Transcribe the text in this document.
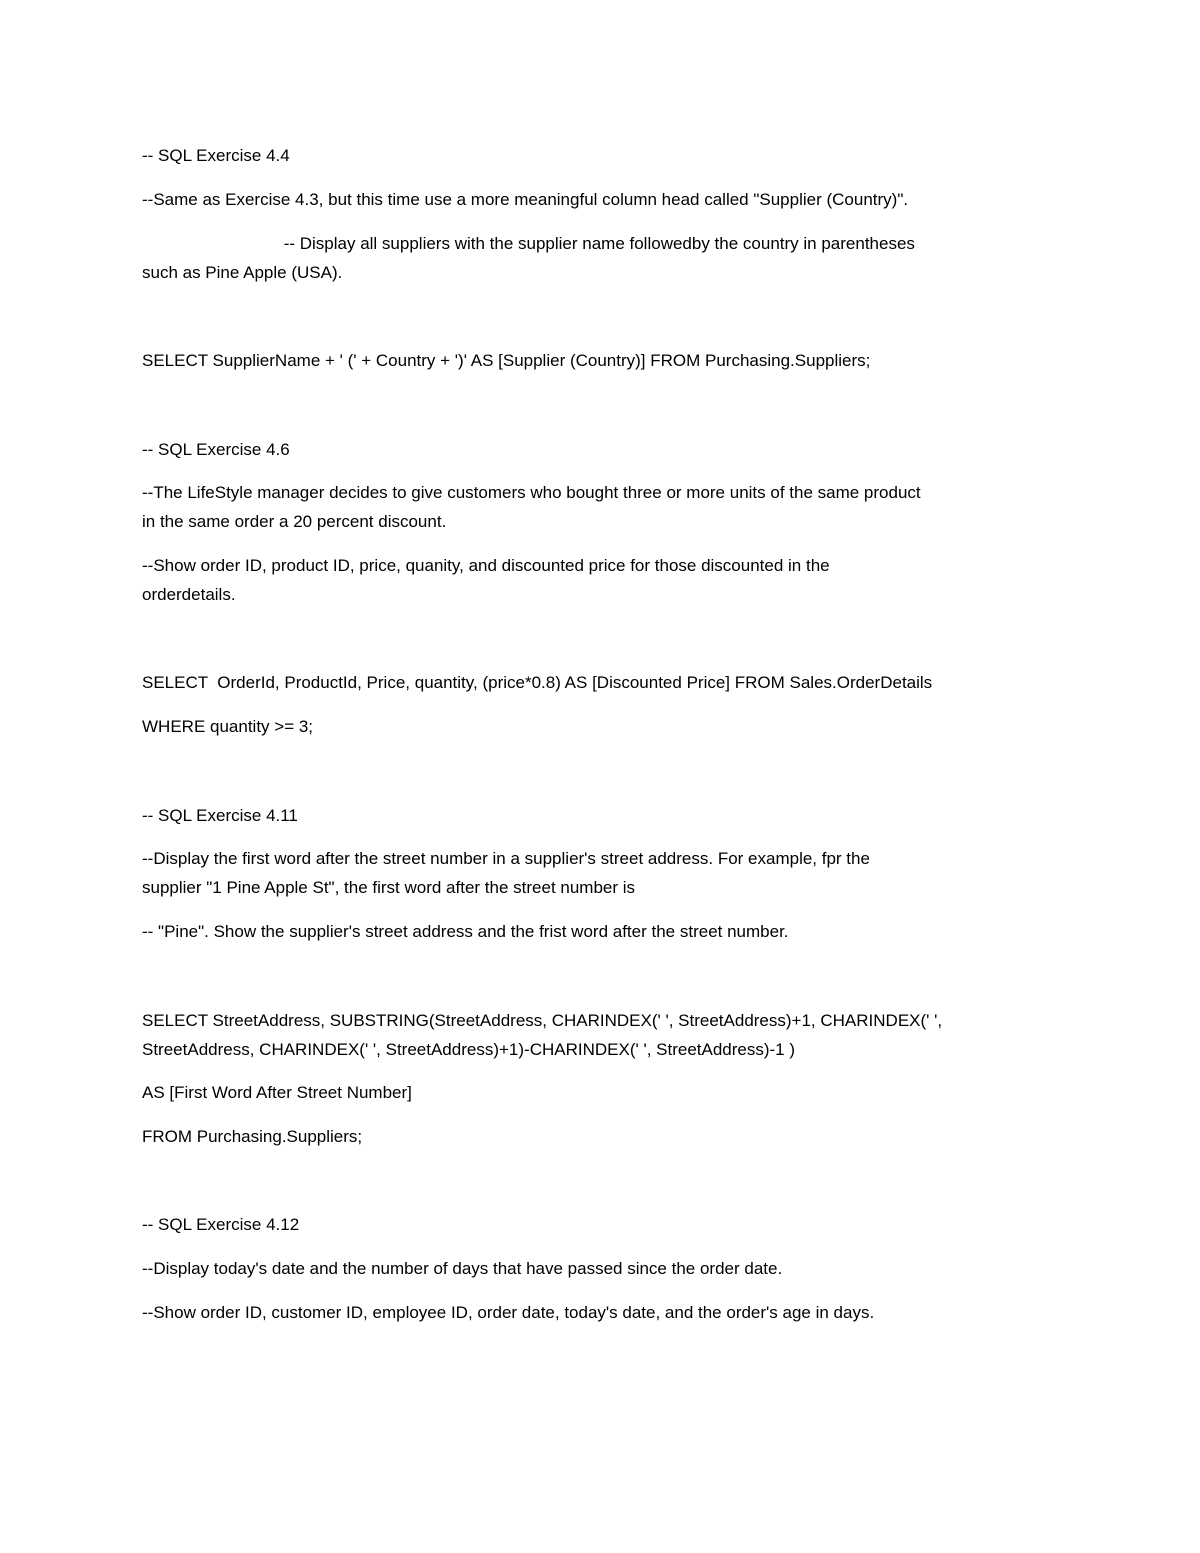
-- SQL Exercise 4.4

--Same as Exercise 4.3, but this time use a more meaningful column head called "Supplier (Country)".

-- Display all suppliers with the supplier name followedby the country in parentheses

such as Pine Apple (USA).

SELECT SupplierName + ' (' + Country + ')' AS [Supplier (Country)] FROM Purchasing.Suppliers;

-- SQL Exercise 4.6

--The LifeStyle manager decides to give customers who bought three or more units of the same product

in the same order a 20 percent discount.

--Show order ID, product ID, price, quanity, and discounted price for those discounted in the

orderdetails.

SELECT  OrderId, ProductId, Price, quantity, (price*0.8) AS [Discounted Price] FROM Sales.OrderDetails

WHERE quantity >= 3;

-- SQL Exercise 4.11

--Display the first word after the street number in a supplier's street address. For example, fpr the

supplier "1 Pine Apple St", the first word after the street number is

-- "Pine". Show the supplier's street address and the frist word after the street number.

SELECT StreetAddress, SUBSTRING(StreetAddress, CHARINDEX(' ', StreetAddress)+1, CHARINDEX(' ',

StreetAddress, CHARINDEX(' ', StreetAddress)+1)-CHARINDEX(' ', StreetAddress)-1 )

AS [First Word After Street Number]

FROM Purchasing.Suppliers;

-- SQL Exercise 4.12

--Display today's date and the number of days that have passed since the order date.

--Show order ID, customer ID, employee ID, order date, today's date, and the order's age in days.
